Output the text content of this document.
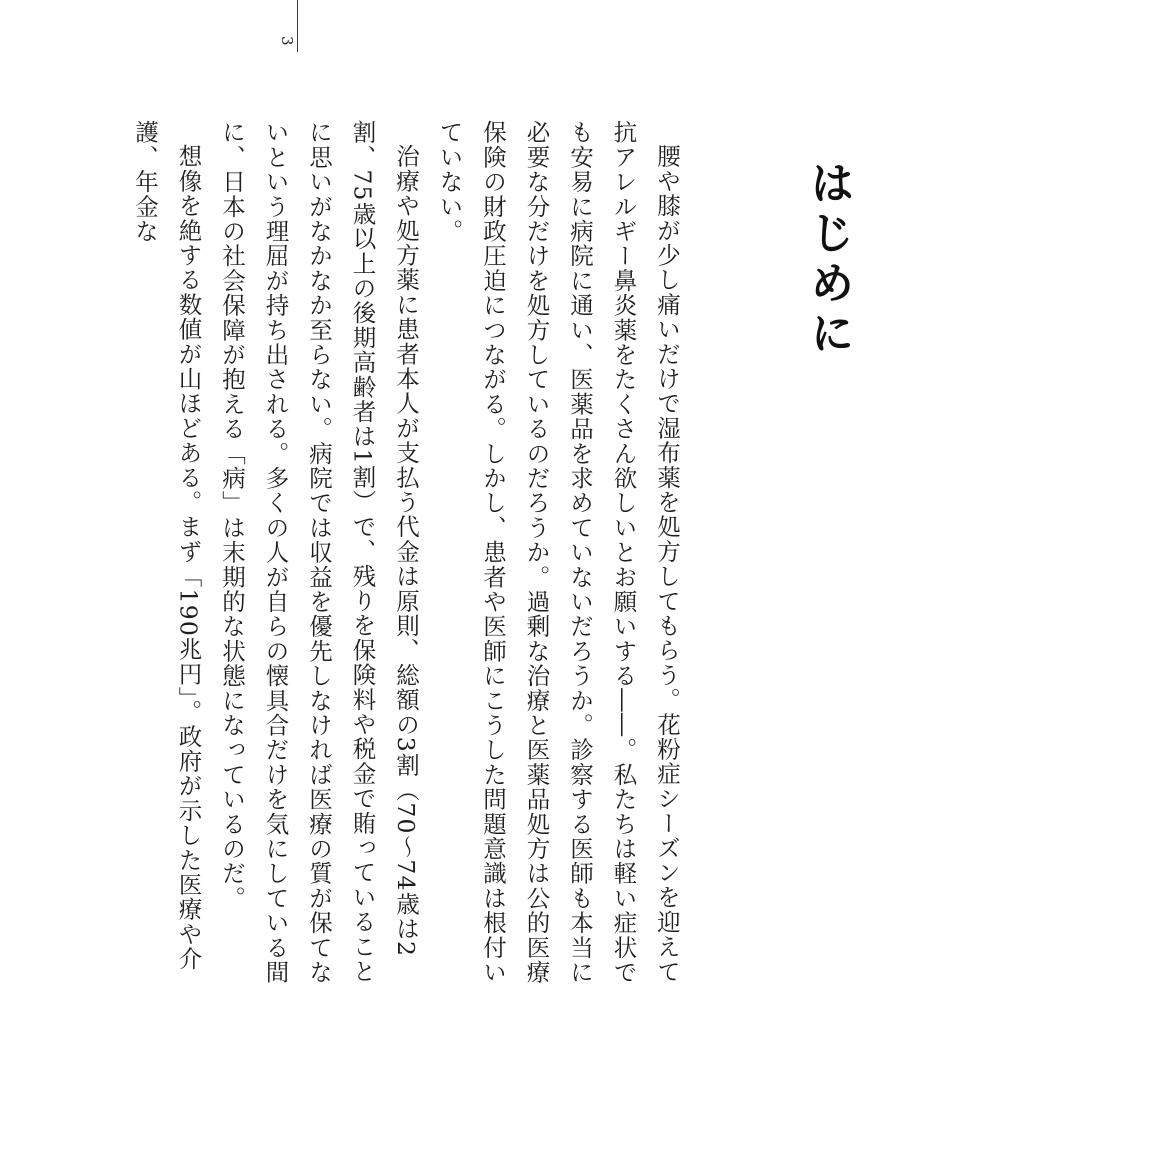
3
はじめに

腰や膝が少し痛いだけで湿布薬を処方してもらう。花粉症シーズンを迎えて抗アレルギー鼻炎薬をたくさん欲しいとお願いする――。私たちは軽い症状でも安易に病院に通い、医薬品を求めていないだろうか。診察する医師も本当に必要な分だけを処方しているのだろうか。過剰な治療と医薬品処方は公的医療保険の財政圧迫につながる。しかし、患者や医師にこうした問題意識は根付いていない。

治療や処方薬に患者本人が支払う代金は原則、総額の3割（70～74歳は2割、75歳以上の後期高齢者は1割）で、残りを保険料や税金で賄っていることに思いがなかなか至らない。病院では収益を優先しなければ医療の質が保てないという理屈が持ち出される。多くの人が自らの懐具合だけを気にしている間に、日本の社会保障が抱える「病」は末期的な状態になっているのだ。

想像を絶する数値が山ほどある。まず「190兆円」。政府が示した医療や介護、年金な
